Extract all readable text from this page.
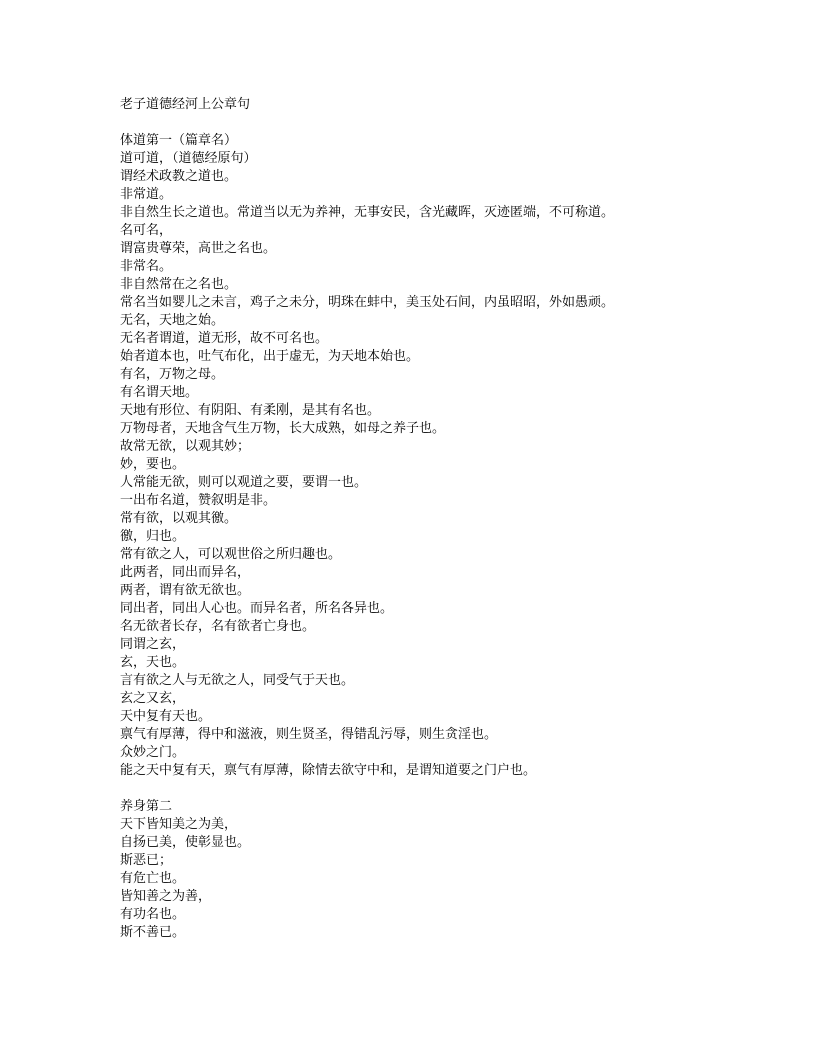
老子道德经河上公章句
体道第一（篇章名）
道可道，（道德经原句）
谓经术政教之道也。
非常道。
非自然生长之道也。常道当以无为养神，无事安民，含光藏晖，灭迹匿端，不可称道。
名可名，
谓富贵尊荣，高世之名也。
非常名。
非自然常在之名也。
常名当如婴儿之未言，鸡子之未分，明珠在蚌中，美玉处石间，内虽昭昭，外如愚顽。
无名，天地之始。
无名者谓道，道无形，故不可名也。
始者道本也，吐气布化，出于虚无，为天地本始也。
有名，万物之母。
有名谓天地。
天地有形位、有阴阳、有柔刚，是其有名也。
万物母者，天地含气生万物，长大成熟，如母之养子也。
故常无欲，以观其妙；
妙，要也。
人常能无欲，则可以观道之要，要谓一也。
一出布名道，赞叙明是非。
常有欲，以观其徼。
徼，归也。
常有欲之人，可以观世俗之所归趣也。
此两者，同出而异名，
两者，谓有欲无欲也。
同出者，同出人心也。而异名者，所名各异也。
名无欲者长存，名有欲者亡身也。
同谓之玄，
玄，天也。
言有欲之人与无欲之人，同受气于天也。
玄之又玄，
天中复有天也。
禀气有厚薄，得中和滋液，则生贤圣，得错乱污辱，则生贪淫也。
众妙之门。
能之天中复有天，禀气有厚薄，除情去欲守中和，是谓知道要之门户也。
养身第二
天下皆知美之为美，
自扬已美，使彰显也。
斯恶已；
有危亡也。
皆知善之为善，
有功名也。
斯不善已。
